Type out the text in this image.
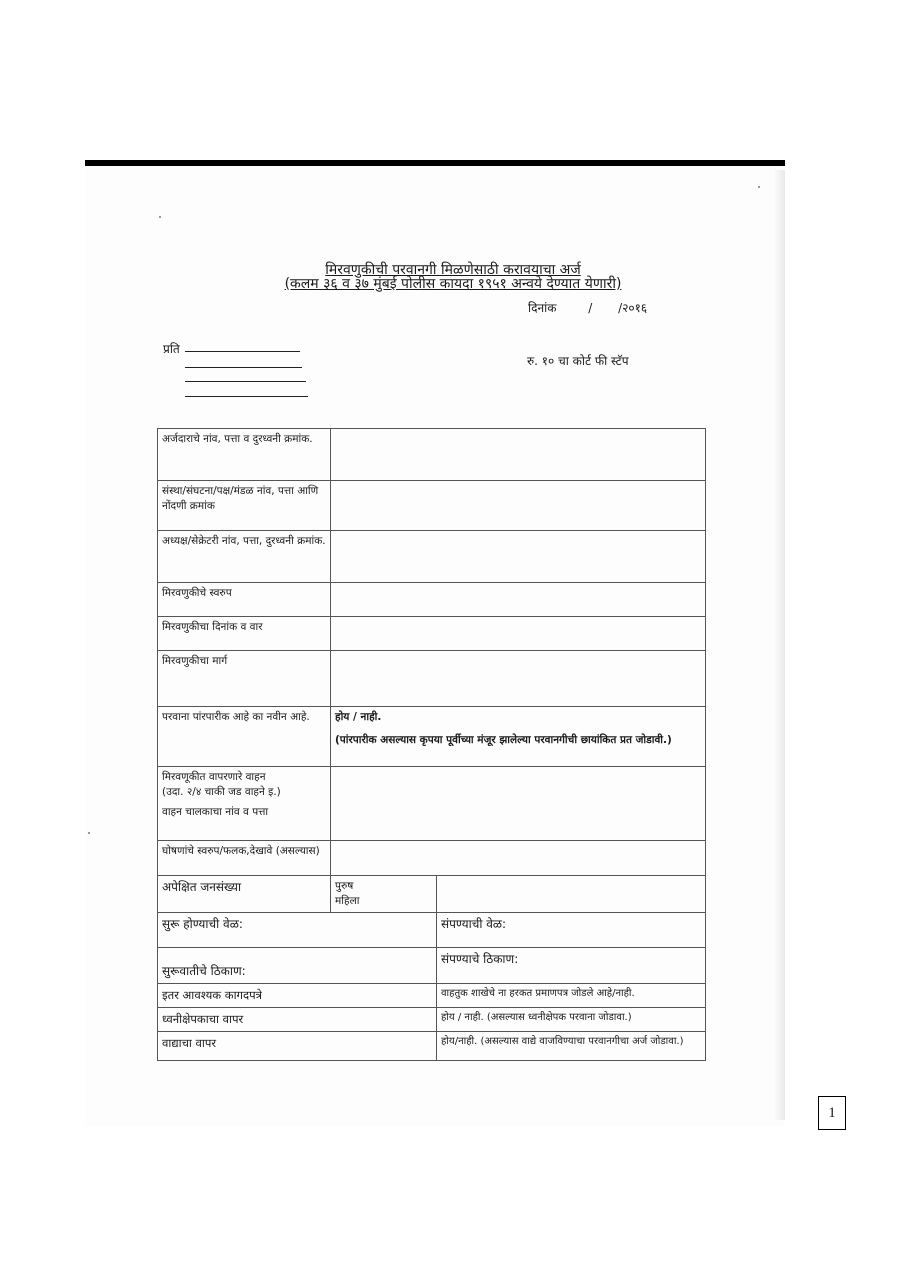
मिरवणुकीची परवानगी मिळणेसाठी करावयाचा अर्ज
(कलम ३६ व ३७ मुंबई पोलीस कायदा १९५१ अन्वये देण्यात येणारी)
दिनांक	/ /२०१६
प्रति
रु. १० चा कोर्ट फी स्टॅप
अर्जदाराचे नांव, पत्ता व दुरध्वनी क्रमांक.		
संस्था/संघटना/पक्ष/मंडळ नांव, पत्ता आणि नोंदणी क्रमांक		
अध्यक्ष/सेक्रेटरी नांव, पत्ता, दुरध्वनी क्रमांक.		
मिरवणुकीचे स्वरुप		
मिरवणुकीचा दिनांक व वार		
मिरवणुकीचा मार्ग		
परवाना पांरपारीक आहे का नवीन आहे.	होय / नाही.
(पांरपारीक असल्यास कृपया पूर्वीच्या मंजूर झालेल्या परवानगीची छायांकित प्रत जोडावी.)	

मिरवणूकीत वापरणारे वाहन
(उदा. २/४ चाकी जड वाहने इ.)
वाहन चालकाचा नांव व पत्ता		

घोषणांचे स्वरुप/फलक,देखावे (असल्यास)		
अपेक्षित जनसंख्या	पुरुष
महिला	

सुरू होण्याची वेळ:		संपण्याची वेळ:
सुरूवातीचे ठिकाण:		संपण्याचे ठिकाण:
इतर आवश्यक कागदपत्रे		वाहतुक शाखेचे ना हरकत प्रमाणपत्र जोडले आहे/नाही.
ध्वनीक्षेपकाचा वापर		होय / नाही. (असल्यास ध्वनीक्षेपक परवाना जोडावा.)
वाद्याचा वापर		होय/नाही. (असल्यास वाद्ये वाजविण्याचा परवानगीचा अर्ज जोडावा.)
1
